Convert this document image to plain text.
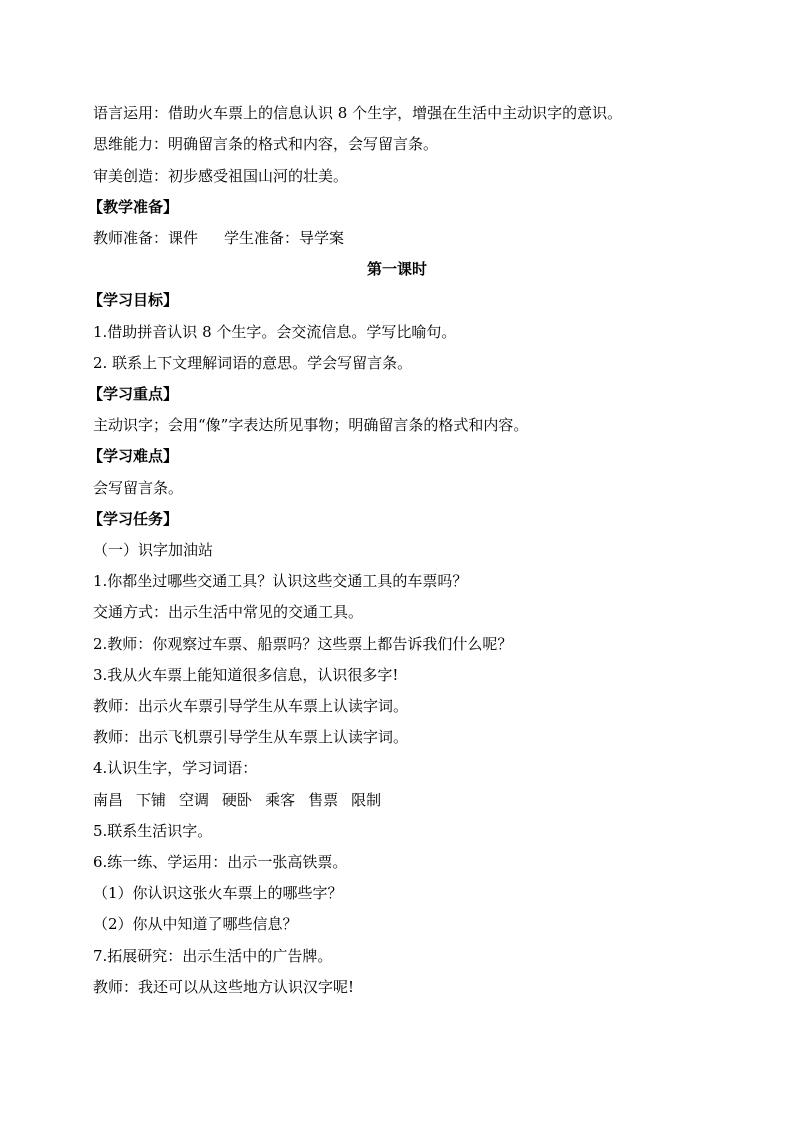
语言运用：借助火车票上的信息认识 8 个生字，增强在生活中主动识字的意识。
思维能力：明确留言条的格式和内容，会写留言条。
审美创造：初步感受祖国山河的壮美。
【教学准备】
教师准备：课件 学生准备：导学案
第一课时
【学习目标】
1.借助拼音认识 8 个生字。会交流信息。学写比喻句。
2. 联系上下文理解词语的意思。学会写留言条。
【学习重点】
主动识字；会用“像”字表达所见事物；明确留言条的格式和内容。
【学习难点】
会写留言条。
【学习任务】
（一）识字加油站
1.你都坐过哪些交通工具？认识这些交通工具的车票吗？
交通方式：出示生活中常见的交通工具。
2.教师：你观察过车票、船票吗？这些票上都告诉我们什么呢？
3.我从火车票上能知道很多信息，认识很多字!
教师：出示火车票引导学生从车票上认读字词。
教师：出示飞机票引导学生从车票上认读字词。
4.认识生字，学习词语：
南昌 下铺 空调 硬卧 乘客 售票 限制
5.联系生活识字。
6.练一练、学运用：出示一张高铁票。
（1）你认识这张火车票上的哪些字？
（2）你从中知道了哪些信息？
7.拓展研究：出示生活中的广告牌。
教师：我还可以从这些地方认识汉字呢!
